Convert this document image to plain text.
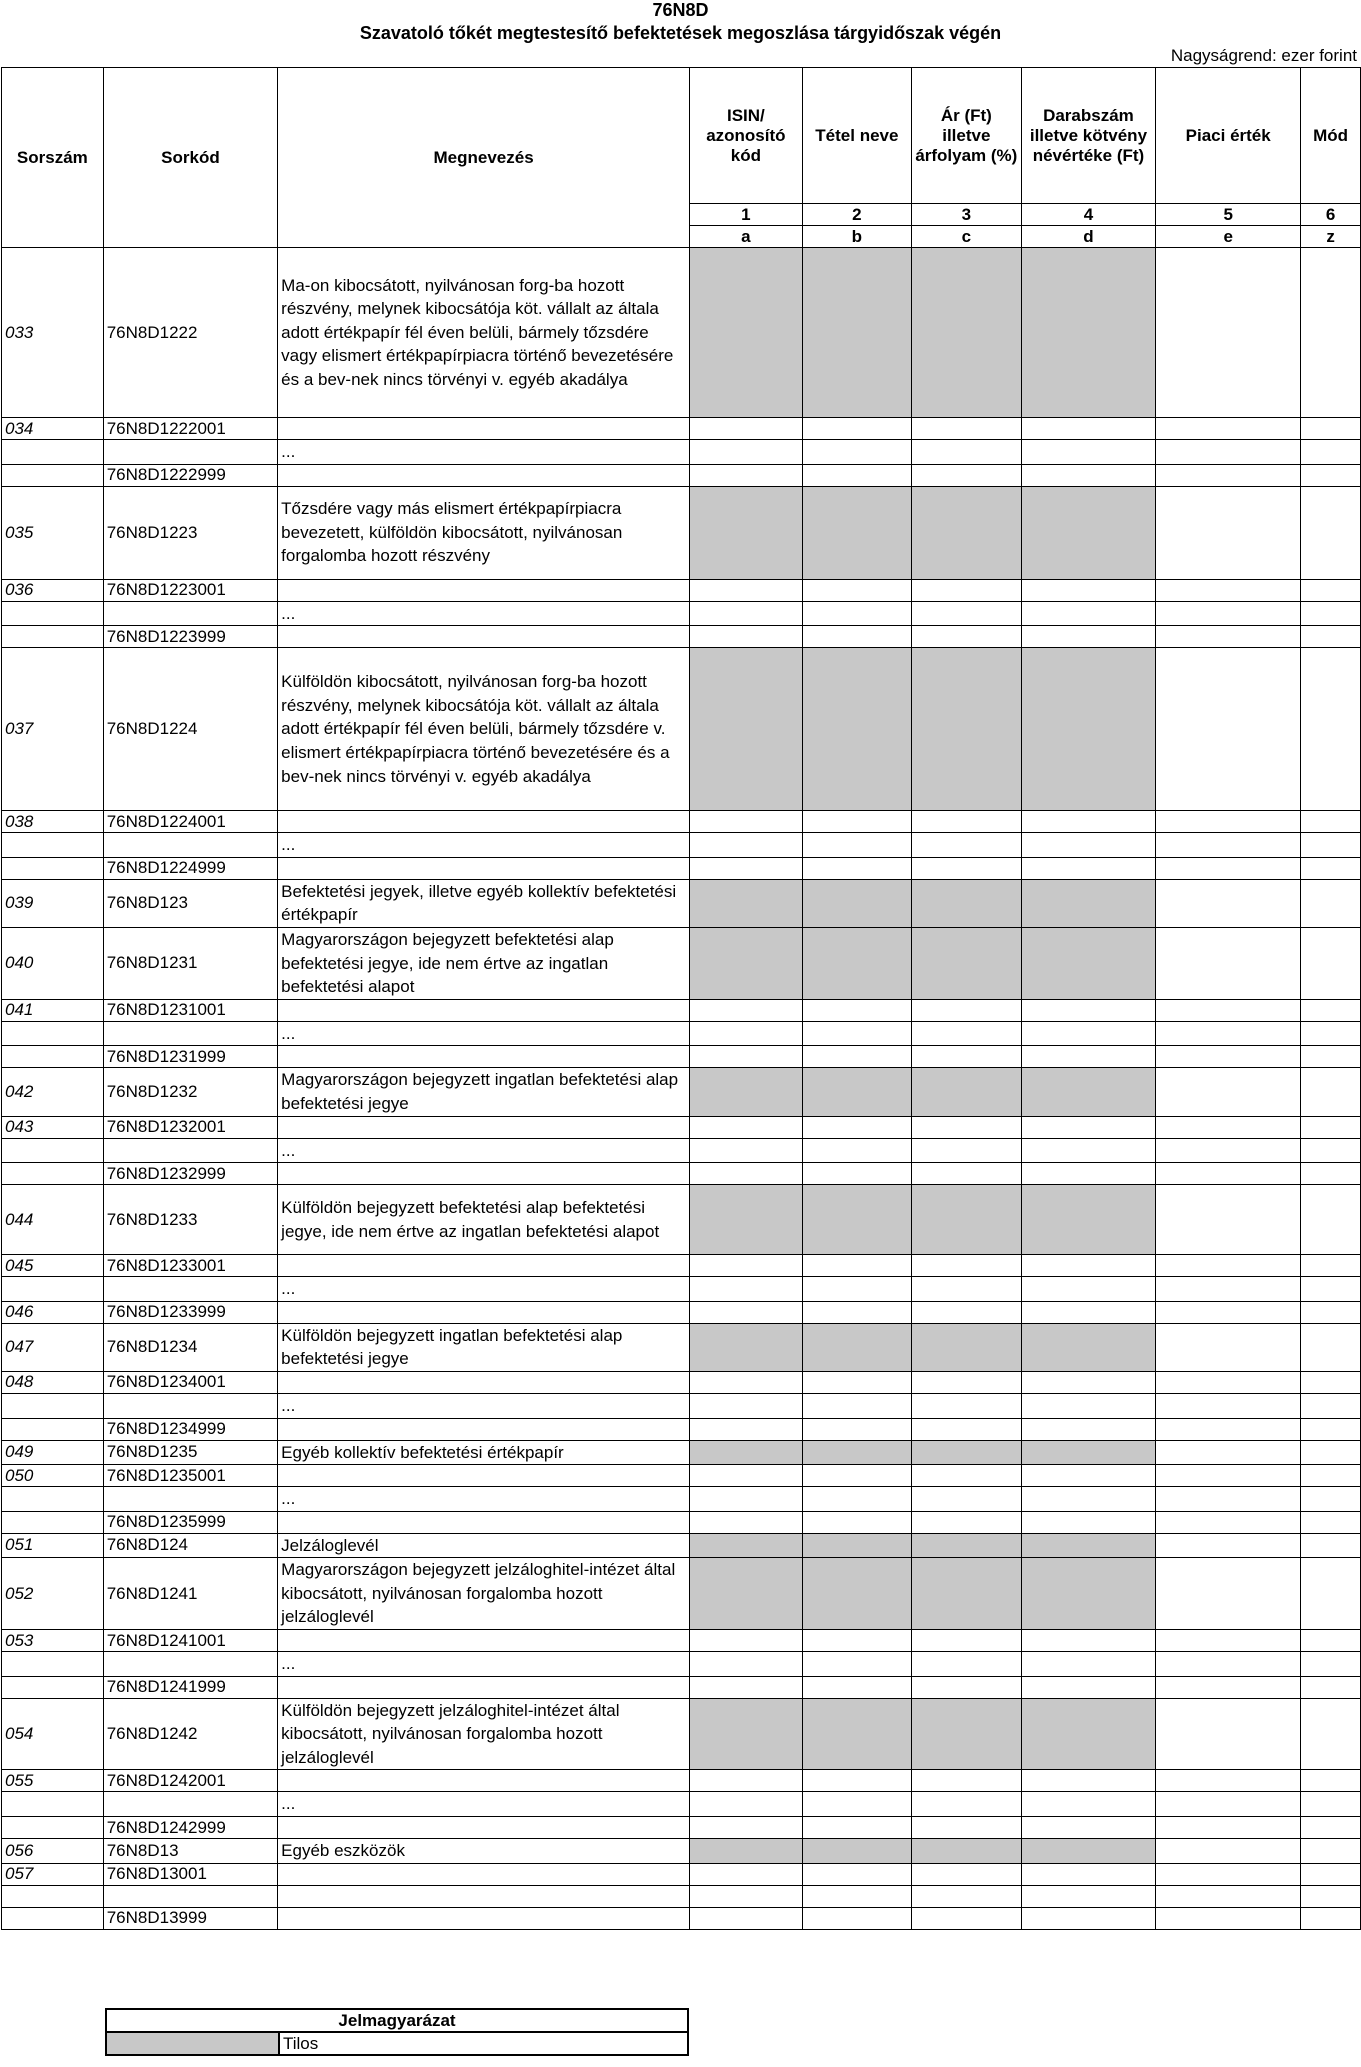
76N8D
Szavatoló tőkét megtestesítő befektetések megoszlása tárgyidőszak végén
Nagyságrend: ezer forint
Sorszám	Sorkód	Megnevezés	ISIN/ azonosító kód	Tétel neve	Ár (Ft) illetve árfolyam (%)	Darabszám illetve kötvény névértéke (Ft)	Piaci érték	Mód
			1	2	3	4	5	6
			a	b	c	d	e	z
033	76N8D1222	Ma-on kibocsátott, nyilvánosan forg-ba hozott részvény, melynek kibocsátója köt. vállalt az általa adott értékpapír fél éven belüli, bármely tőzsdére vagy elismert értékpapírpiacra történő bevezetésére és a bev-nek nincs törvényi v. egyéb akadálya						
034	76N8D1222001							
		...						
	76N8D1222999							
035	76N8D1223	Tőzsdére vagy más elismert értékpapírpiacra bevezetett, külföldön kibocsátott, nyilvánosan forgalomba hozott részvény						
036	76N8D1223001							
		...						
	76N8D1223999							
037	76N8D1224	Külföldön kibocsátott, nyilvánosan forg-ba hozott részvény, melynek kibocsátója köt. vállalt az általa adott értékpapír fél éven belüli, bármely tőzsdére v. elismert értékpapírpiacra történő bevezetésére és a bev-nek nincs törvényi v. egyéb akadálya						
038	76N8D1224001							
		...						
	76N8D1224999							
039	76N8D123	Befektetési jegyek, illetve egyéb kollektív befektetési értékpapír						
040	76N8D1231	Magyarországon bejegyzett befektetési alap befektetési jegye, ide nem értve az ingatlan befektetési alapot						
041	76N8D1231001							
		...						
	76N8D1231999							
042	76N8D1232	Magyarországon bejegyzett ingatlan befektetési alap befektetési jegye						
043	76N8D1232001							
		...						
	76N8D1232999							
044	76N8D1233	Külföldön bejegyzett befektetési alap befektetési jegye, ide nem értve az ingatlan befektetési alapot						
045	76N8D1233001							
		...						
046	76N8D1233999							
047	76N8D1234	Külföldön bejegyzett ingatlan befektetési alap befektetési jegye						
048	76N8D1234001							
		...						
	76N8D1234999							
049	76N8D1235	Egyéb kollektív befektetési értékpapír						
050	76N8D1235001							
		...						
	76N8D1235999							
051	76N8D124	Jelzáloglevél						
052	76N8D1241	Magyarországon bejegyzett jelzáloghitel-intézet által kibocsátott, nyilvánosan forgalomba hozott jelzáloglevél						
053	76N8D1241001							
		...						
	76N8D1241999							
054	76N8D1242	Külföldön bejegyzett jelzáloghitel-intézet által kibocsátott, nyilvánosan forgalomba hozott jelzáloglevél						
055	76N8D1242001							
		...						
	76N8D1242999							
056	76N8D13	Egyéb eszközök						
057	76N8D13001							

	76N8D13999							
Jelmagyarázat
	Tilos
